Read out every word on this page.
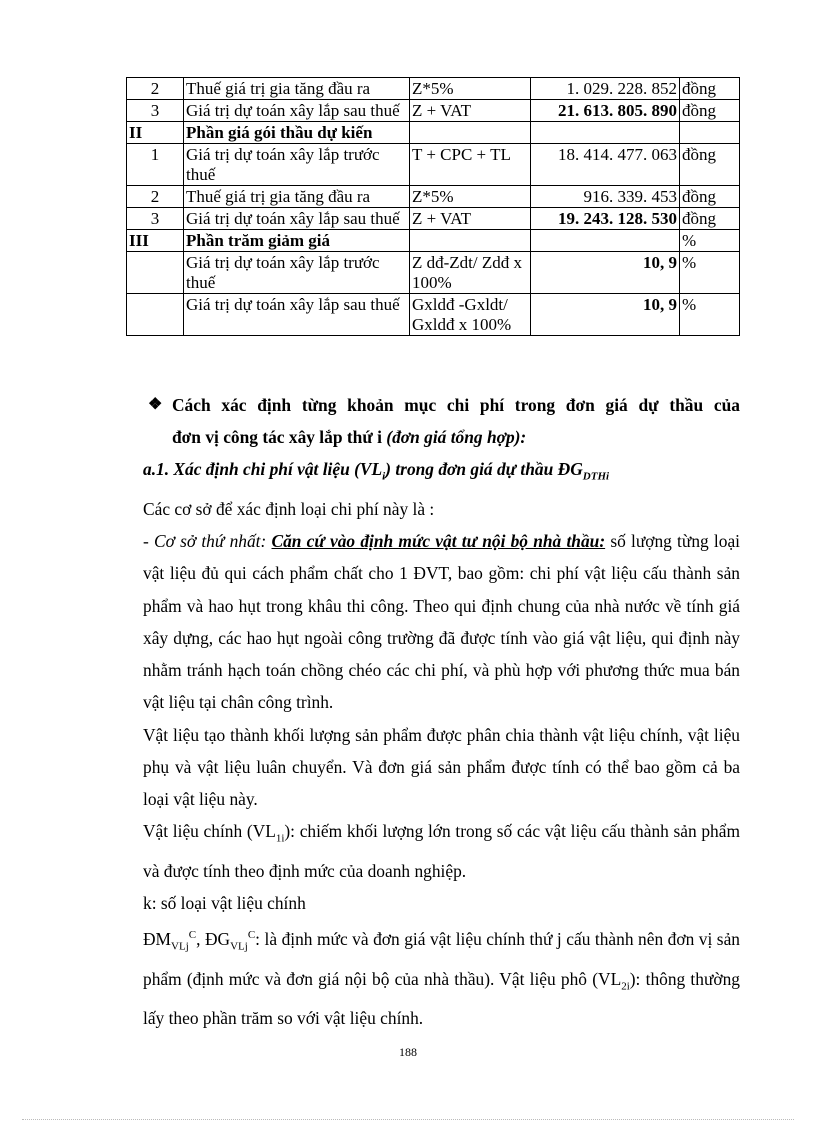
2	Thuế giá trị gia tăng đầu ra	Z*5%	1. 029. 228. 852	đồng
3	Giá trị dự toán xây lắp sau thuế	Z + VAT	21. 613. 805. 890	đồng
II	Phần giá gói thầu dự kiến			
1	Giá trị dự toán xây lắp trước thuế	T + CPC + TL	18. 414. 477. 063	đồng
2	Thuế giá trị gia tăng đầu ra	Z*5%	916. 339. 453	đồng
3	Giá trị dự toán xây lắp sau thuế	Z + VAT	19. 243. 128. 530	đồng
III	Phần trăm giảm giá			%
	Giá trị dự toán xây lắp trước thuế	Z dđ-Zdt/ Zdđ x 100%	10, 9	%
	Giá trị dự toán xây lắp sau thuế	Gxldđ -Gxldt/ Gxldđ x 100%	10, 9	%

❖ Cách xác định từng khoản mục chi phí trong đơn giá dự thầu của

đơn vị công tác xây lắp thứ i (đơn giá tổng hợp):

a.1. Xác định chi phí vật liệu $(VL_i)$ trong đơn giá dự thầu $ĐG_{DTHi}$

Các cơ sở để xác định loại chi phí này là :

- Cơ sở thứ nhất: Căn cứ vào định mức vật tư nội bộ nhà thầu: số lượng từng loại vật liệu đủ qui cách phẩm chất cho 1 ĐVT, bao gồm: chi phí vật liệu cấu thành sản phẩm và hao hụt trong khâu thi công. Theo qui định chung của nhà nước về tính giá xây dựng, các hao hụt ngoài công trường đã được tính vào giá vật liệu, qui định này nhằm tránh hạch toán chồng chéo các chi phí, và phù hợp với phương thức mua bán vật liệu tại chân công trình.

Vật liệu tạo thành khối lượng sản phẩm được phân chia thành vật liệu chính, vật liệu phụ và vật liệu luân chuyển. Và đơn giá sản phẩm được tính có thể bao gồm cả ba loại vật liệu này.

Vật liệu chính $(VL_{1i})$: chiếm khối lượng lớn trong số các vật liệu cấu thành sản phẩm và được tính theo định mức của doanh nghiệp.

k: số loại vật liệu chính

$ĐM_{VLj}^C$, $ĐG_{VLj}^C$: là định mức và đơn giá vật liệu chính thứ j cấu thành nên đơn vị sản phẩm (định mức và đơn giá nội bộ của nhà thầu). Vật liệu phô $(VL_{2i})$: thông thường lấy theo phần trăm so với vật liệu chính.

188
